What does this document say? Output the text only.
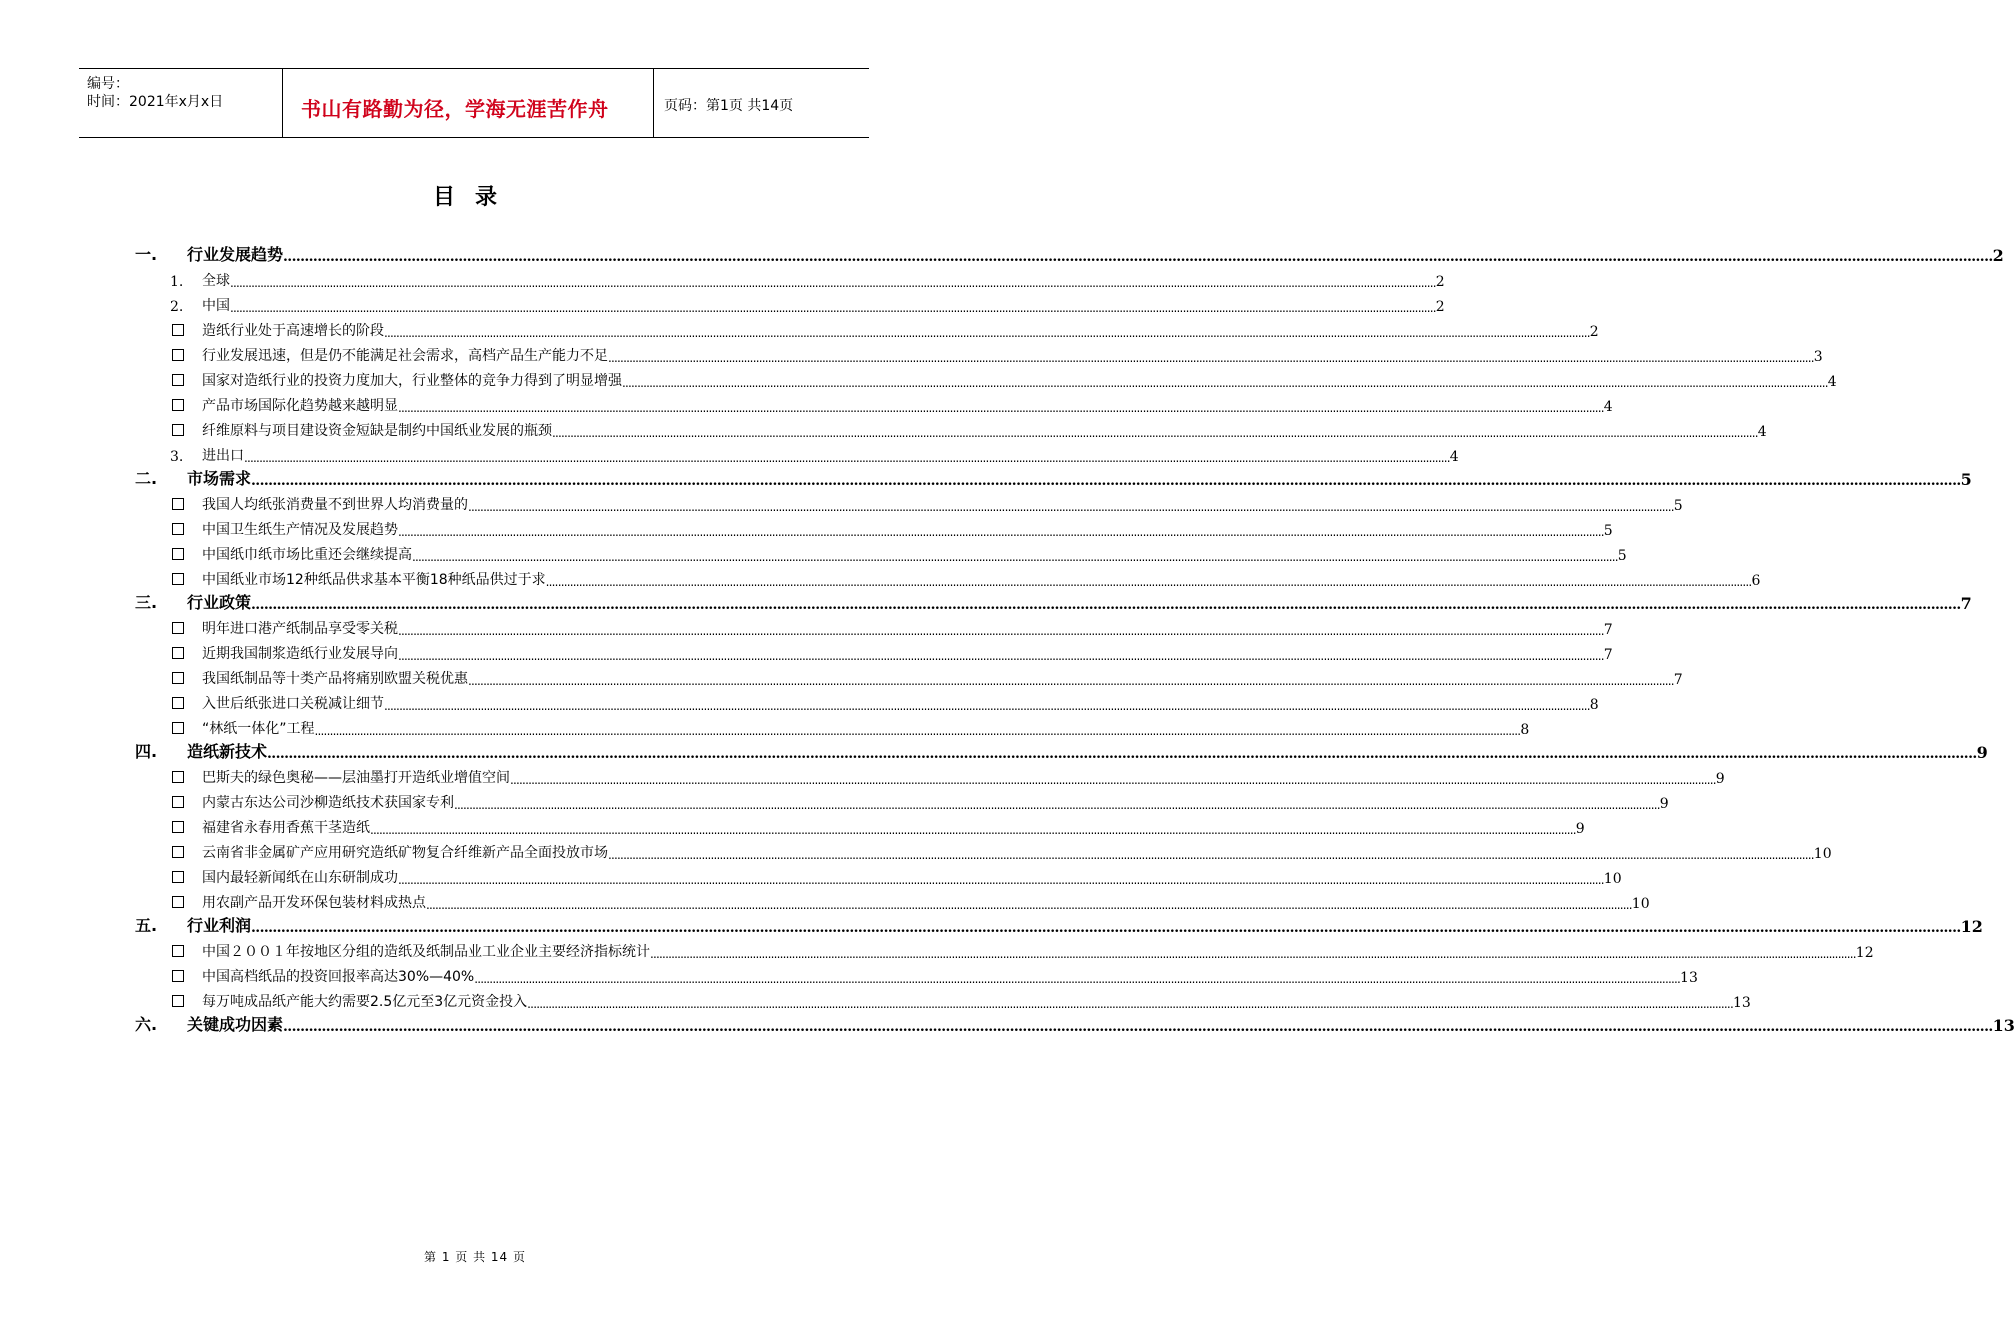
编号：
时间：2021年x月x日	书山有路勤为径，学海无涯苦作舟	页码：第1页 共14页
目录
一.	行业发展趋势 ................................................................................................................................................................................................................................................................................................................................................................................................................ 2
1.	全球 ................................................................................................................................................................................................................................................................................................................................................................................................................ 2
2.	中国 ................................................................................................................................................................................................................................................................................................................................................................................................................ 2
造纸行业处于高速增长的阶段 ................................................................................................................................................................................................................................................................................................................................................................................................................ 2
行业发展迅速，但是仍不能满足社会需求，高档产品生产能力不足 ................................................................................................................................................................................................................................................................................................................................................................................................................ 3
国家对造纸行业的投资力度加大，行业整体的竞争力得到了明显增强 ................................................................................................................................................................................................................................................................................................................................................................................................................ 4
产品市场国际化趋势越来越明显 ................................................................................................................................................................................................................................................................................................................................................................................................................ 4
纤维原料与项目建设资金短缺是制约中国纸业发展的瓶颈 ................................................................................................................................................................................................................................................................................................................................................................................................................ 4
3.	进出口 ................................................................................................................................................................................................................................................................................................................................................................................................................ 4
二.	市场需求 ................................................................................................................................................................................................................................................................................................................................................................................................................ 5
我国人均纸张消费量不到世界人均消费量的 ................................................................................................................................................................................................................................................................................................................................................................................................................ 5
中国卫生纸生产情况及发展趋势 ................................................................................................................................................................................................................................................................................................................................................................................................................ 5
中国纸巾纸市场比重还会继续提高 ................................................................................................................................................................................................................................................................................................................................................................................................................ 5
中国纸业市场12种纸品供求基本平衡18种纸品供过于求 ................................................................................................................................................................................................................................................................................................................................................................................................................ 6
三.	行业政策 ................................................................................................................................................................................................................................................................................................................................................................................................................ 7
明年进口港产纸制品享受零关税 ................................................................................................................................................................................................................................................................................................................................................................................................................ 7
近期我国制浆造纸行业发展导向 ................................................................................................................................................................................................................................................................................................................................................................................................................ 7
我国纸制品等十类产品将痛别欧盟关税优惠 ................................................................................................................................................................................................................................................................................................................................................................................................................ 7
入世后纸张进口关税减让细节 ................................................................................................................................................................................................................................................................................................................................................................................................................ 8
“林纸一体化”工程 ................................................................................................................................................................................................................................................................................................................................................................................................................ 8
四.	造纸新技术 ................................................................................................................................................................................................................................................................................................................................................................................................................ 9
巴斯夫的绿色奥秘——层油墨打开造纸业增值空间 ................................................................................................................................................................................................................................................................................................................................................................................................................ 9
内蒙古东达公司沙柳造纸技术获国家专利 ................................................................................................................................................................................................................................................................................................................................................................................................................ 9
福建省永春用香蕉干茎造纸 ................................................................................................................................................................................................................................................................................................................................................................................................................ 9
云南省非金属矿产应用研究造纸矿物复合纤维新产品全面投放市场 ................................................................................................................................................................................................................................................................................................................................................................................................................ 10
国内最轻新闻纸在山东研制成功 ................................................................................................................................................................................................................................................................................................................................................................................................................ 10
用农副产品开发环保包装材料成热点 ................................................................................................................................................................................................................................................................................................................................................................................................................ 10
五.	行业利润 ................................................................................................................................................................................................................................................................................................................................................................................................................ 12
中国２００１年按地区分组的造纸及纸制品业工业企业主要经济指标统计 ................................................................................................................................................................................................................................................................................................................................................................................................................ 12
中国高档纸品的投资回报率高达30%—40% ................................................................................................................................................................................................................................................................................................................................................................................................................ 13
每万吨成品纸产能大约需要2.5亿元至3亿元资金投入 ................................................................................................................................................................................................................................................................................................................................................................................................................ 13
六.	关键成功因素 ................................................................................................................................................................................................................................................................................................................................................................................................................ 13
第 1 页 共 14 页
